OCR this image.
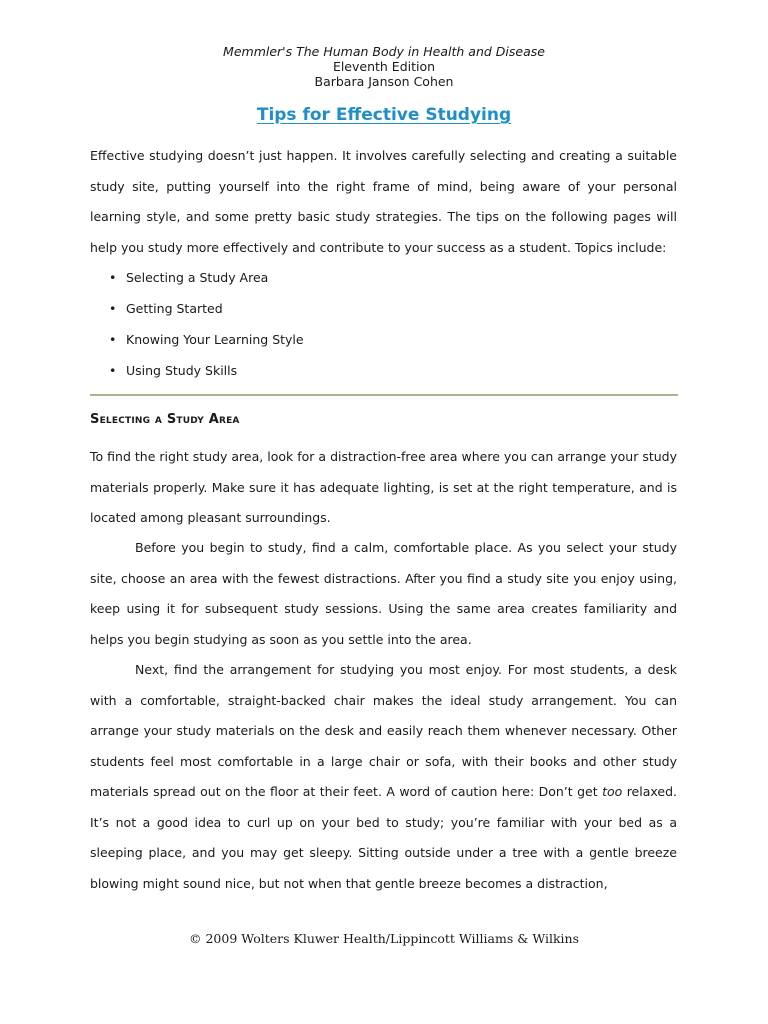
Memmler's The Human Body in Health and Disease
Eleventh Edition
Barbara Janson Cohen
Tips for Effective Studying

Effective studying doesn’t just happen. It involves carefully selecting and creating a suitable study site, putting yourself into the right frame of mind, being aware of your personal learning style, and some pretty basic study strategies. The tips on the following pages will help you study more effectively and contribute to your success as a student. Topics include:

• Selecting a Study Area
• Getting Started
• Knowing Your Learning Style
• Using Study Skills
Selecting a Study Area

To find the right study area, look for a distraction-free area where you can arrange your study materials properly. Make sure it has adequate lighting, is set at the right temperature, and is located among pleasant surroundings.

Before you begin to study, find a calm, comfortable place. As you select your study site, choose an area with the fewest distractions. After you find a study site you enjoy using, keep using it for subsequent study sessions. Using the same area creates familiarity and helps you begin studying as soon as you settle into the area.

Next, find the arrangement for studying you most enjoy. For most students, a desk with a comfortable, straight-backed chair makes the ideal study arrangement. You can arrange your study materials on the desk and easily reach them whenever necessary. Other students feel most comfortable in a large chair or sofa, with their books and other study materials spread out on the floor at their feet. A word of caution here: Don’t get too relaxed. It’s not a good idea to curl up on your bed to study; you’re familiar with your bed as a sleeping place, and you may get sleepy. Sitting outside under a tree with a gentle breeze blowing might sound nice, but not when that gentle breeze becomes a distraction,

© 2009 Wolters Kluwer Health/Lippincott Williams & Wilkins
